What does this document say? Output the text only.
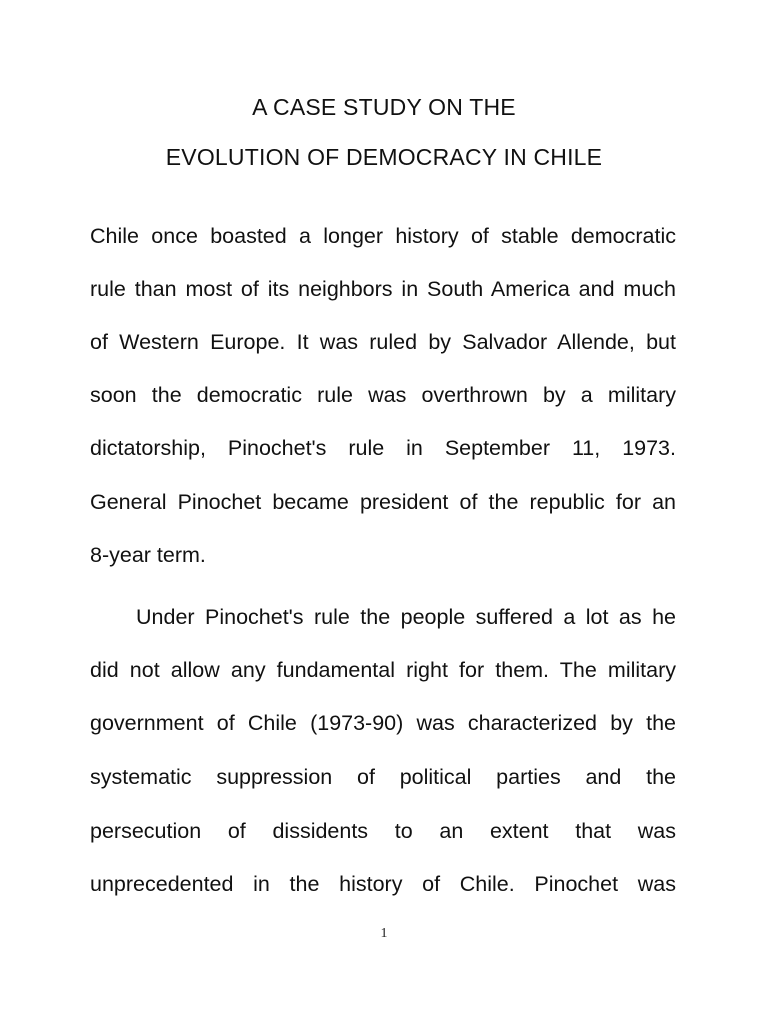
A CASE STUDY ON THE
EVOLUTION OF DEMOCRACY IN CHILE

Chile once boasted a longer history of stable democratic

rule than most of its neighbors in South America and much

of Western Europe. It was ruled by Salvador Allende, but

soon the democratic rule was overthrown by a military

dictatorship, Pinochet's rule in September 11, 1973.

General Pinochet became president of the republic for an

8-year term.

Under Pinochet's rule the people suffered a lot as he

did not allow any fundamental right for them. The military

government of Chile (1973-90) was characterized by the

systematic suppression of political parties and the

persecution of dissidents to an extent that was

unprecedented in the history of Chile. Pinochet was

1
